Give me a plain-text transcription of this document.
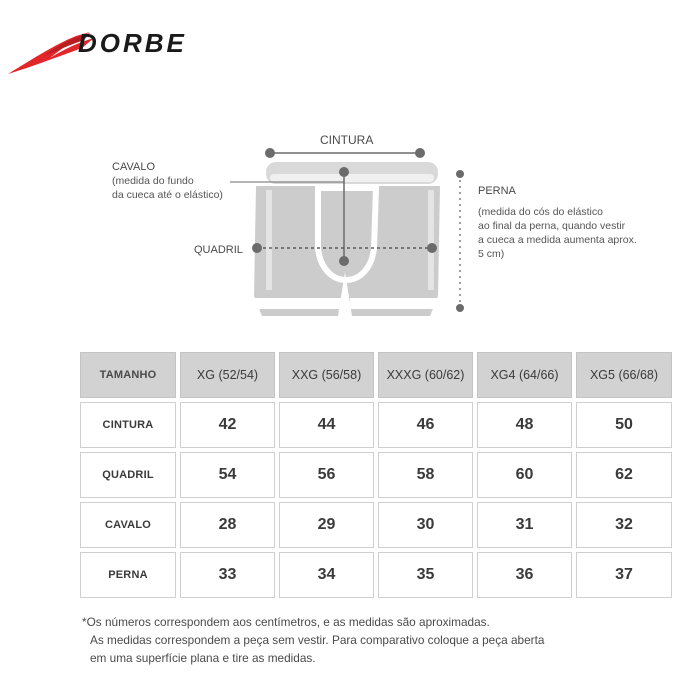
DORBE
CINTURA
CAVALO
(medida do fundo
da cueca até o elástico)
QUADRIL
PERNA
(medida do cós do elástico
ao final da perna, quando vestir
a cueca a medida aumenta aprox.
5 cm)
TAMANHO	XG (52/54)	XXG (56/58)	XXXG (60/62)	XG4 (64/66)	XG5 (66/68)
CINTURA	42	44	46	48	50
QUADRIL	54	56	58	60	62
CAVALO	28	29	30	31	32
PERNA	33	34	35	36	37
*Os números correspondem aos centímetros, e as medidas são aproximadas.
As medidas correspondem a peça sem vestir. Para comparativo coloque a peça aberta
em uma superfície plana e tire as medidas.
